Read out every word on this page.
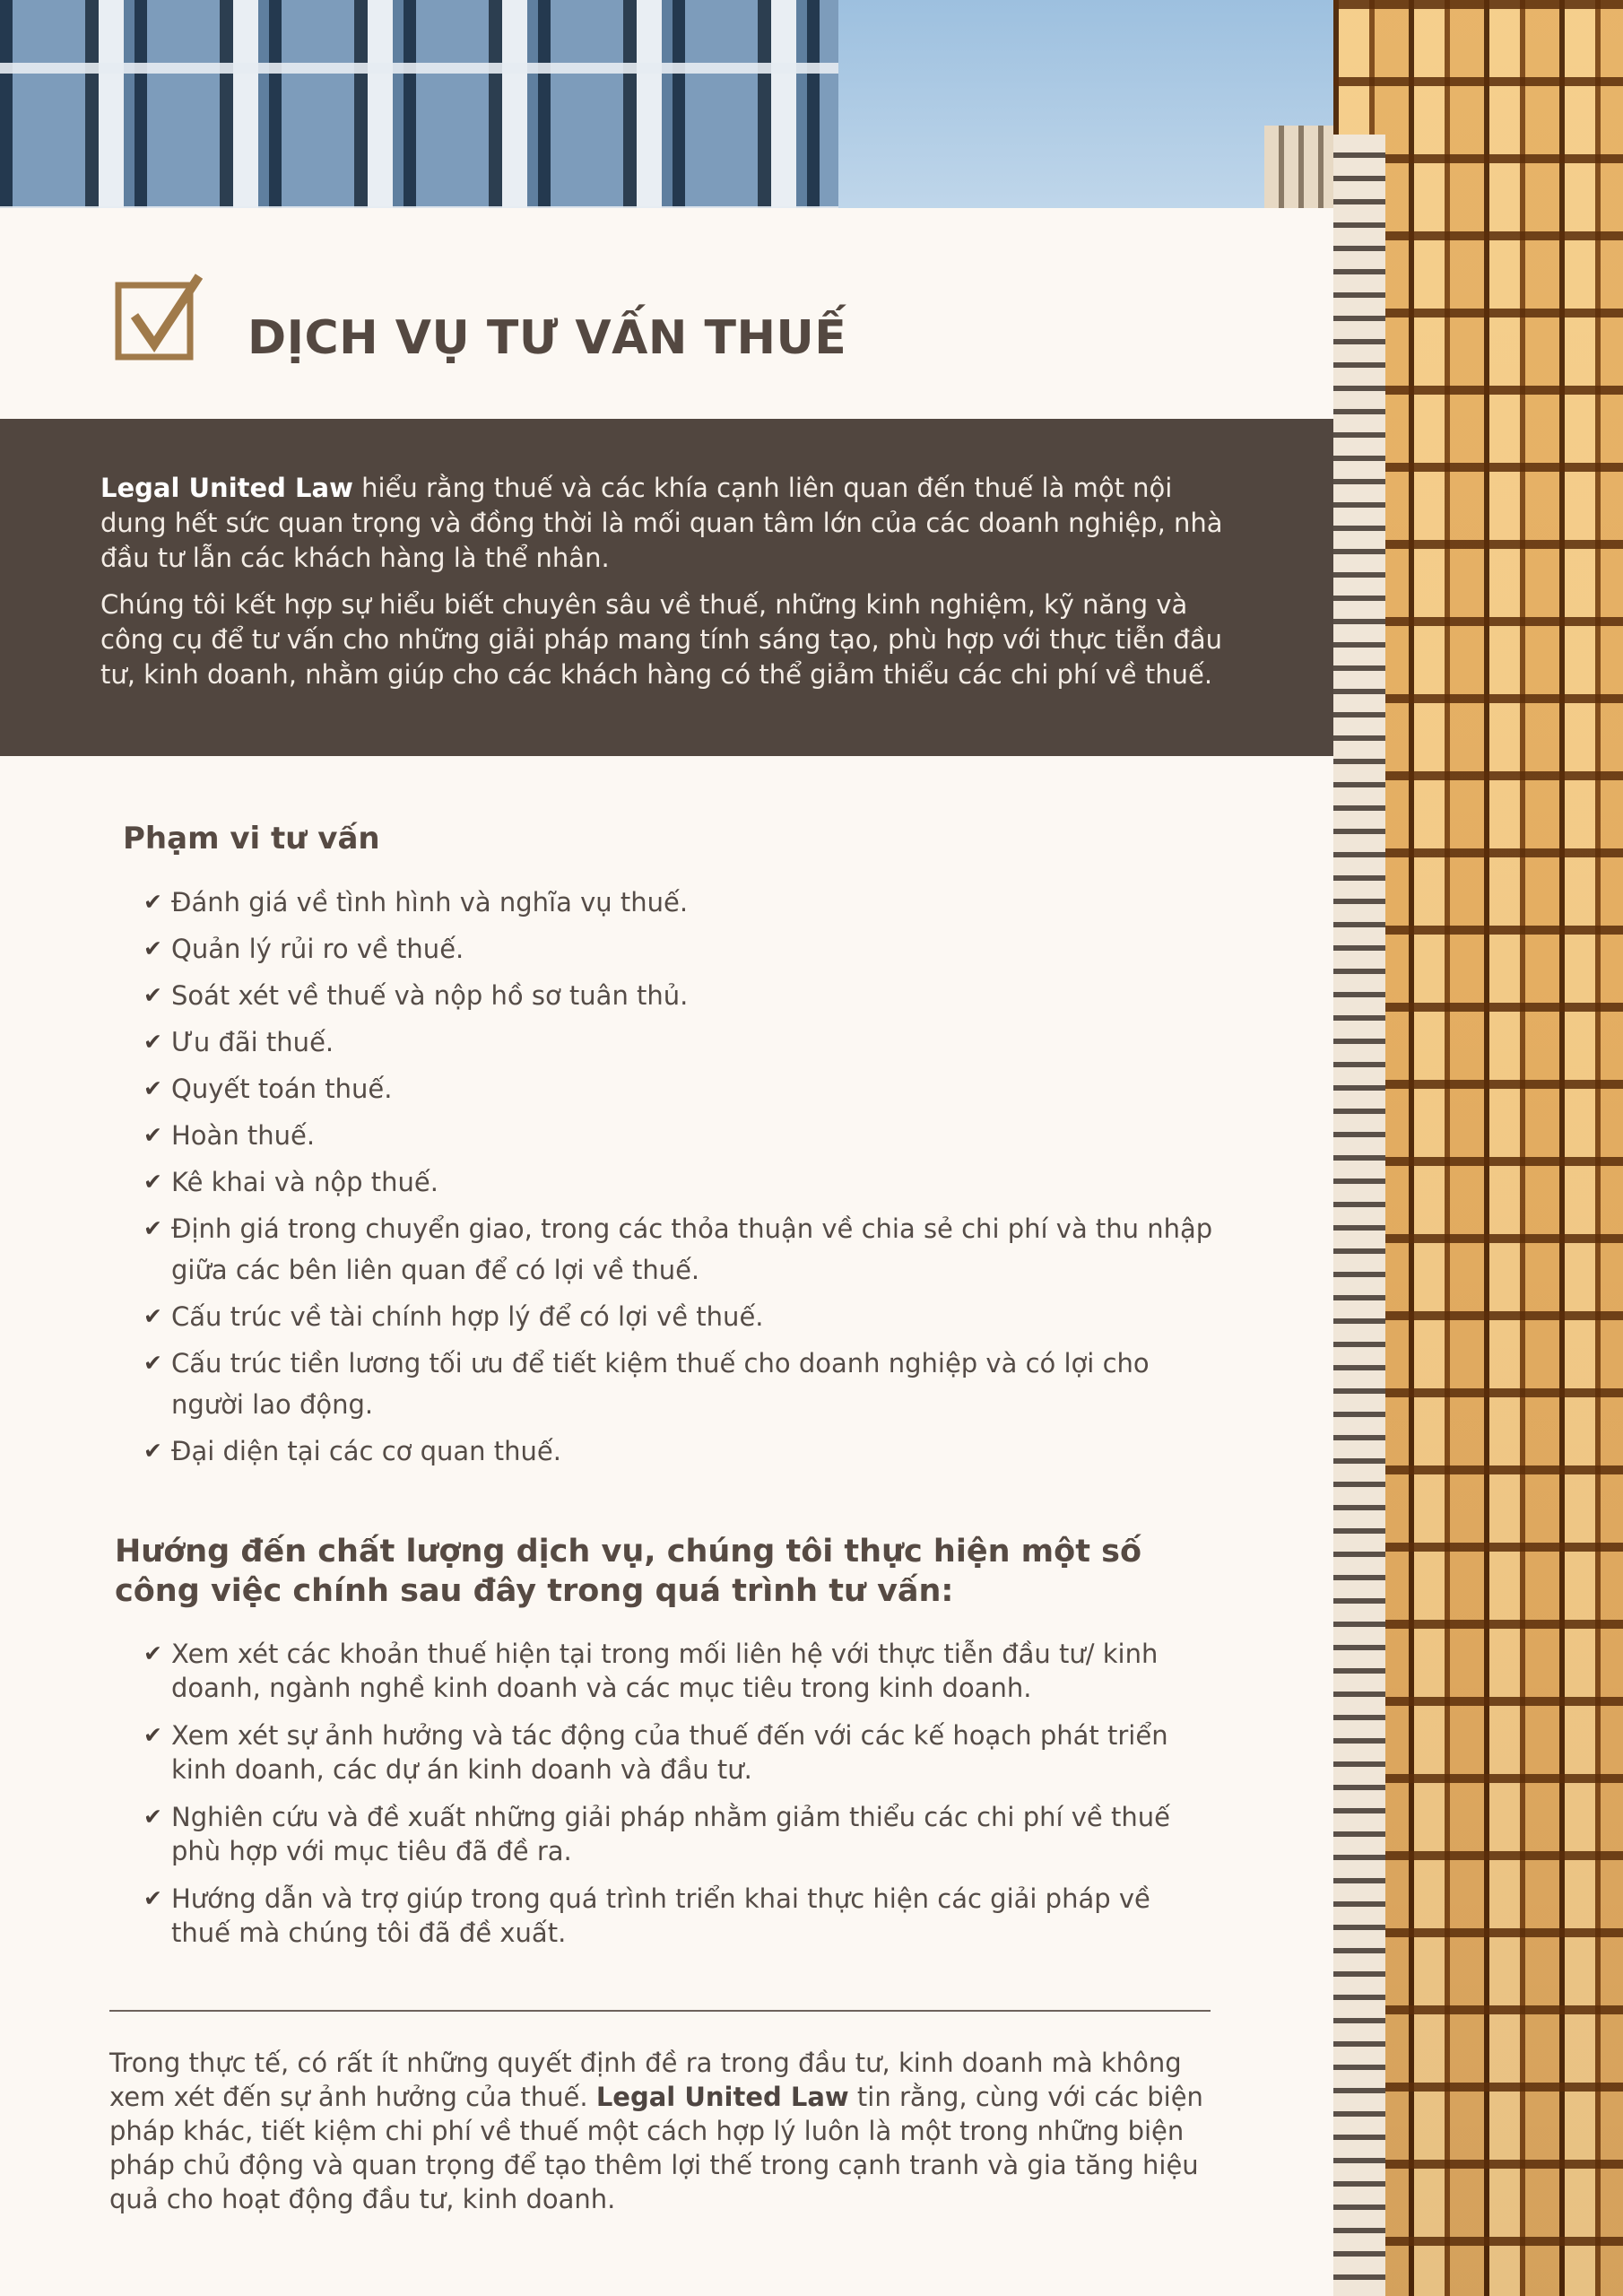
DỊCH VỤ TƯ VẤN THUẾ

Legal United Law hiểu rằng thuế và các khía cạnh liên quan đến thuế là một nội dung hết sức quan trọng và đồng thời là mối quan tâm lớn của các doanh nghiệp, nhà đầu tư lẫn các khách hàng là thể nhân.

Chúng tôi kết hợp sự hiểu biết chuyên sâu về thuế, những kinh nghiệm, kỹ năng và công cụ để tư vấn cho những giải pháp mang tính sáng tạo, phù hợp với thực tiễn đầu tư, kinh doanh, nhằm giúp cho các khách hàng có thể giảm thiểu các chi phí về thuế.

Phạm vi tư vấn
✔ Đánh giá về tình hình và nghĩa vụ thuế.
✔ Quản lý rủi ro về thuế.
✔ Soát xét về thuế và nộp hồ sơ tuân thủ.
✔ Ưu đãi thuế.
✔ Quyết toán thuế.
✔ Hoàn thuế.
✔ Kê khai và nộp thuế.
✔ Định giá trong chuyển giao, trong các thỏa thuận về chia sẻ chi phí và thu nhập giữa các bên liên quan để có lợi về thuế.
✔ Cấu trúc về tài chính hợp lý để có lợi về thuế.
✔ Cấu trúc tiền lương tối ưu để tiết kiệm thuế cho doanh nghiệp và có lợi cho người lao động.
✔ Đại diện tại các cơ quan thuế.
Hướng đến chất lượng dịch vụ, chúng tôi thực hiện một số công việc chính sau đây trong quá trình tư vấn:
✔ Xem xét các khoản thuế hiện tại trong mối liên hệ với thực tiễn đầu tư/ kinh doanh, ngành nghề kinh doanh và các mục tiêu trong kinh doanh.
✔ Xem xét sự ảnh hưởng và tác động của thuế đến với các kế hoạch phát triển kinh doanh, các dự án kinh doanh và đầu tư.
✔ Nghiên cứu và đề xuất những giải pháp nhằm giảm thiểu các chi phí về thuế phù hợp với mục tiêu đã đề ra.
✔ Hướng dẫn và trợ giúp trong quá trình triển khai thực hiện các giải pháp về thuế mà chúng tôi đã đề xuất.
Trong thực tế, có rất ít những quyết định đề ra trong đầu tư, kinh doanh mà không xem xét đến sự ảnh hưởng của thuế. Legal United Law tin rằng, cùng với các biện pháp khác, tiết kiệm chi phí về thuế một cách hợp lý luôn là một trong những biện pháp chủ động và quan trọng để tạo thêm lợi thế trong cạnh tranh và gia tăng hiệu quả cho hoạt động đầu tư, kinh doanh.
